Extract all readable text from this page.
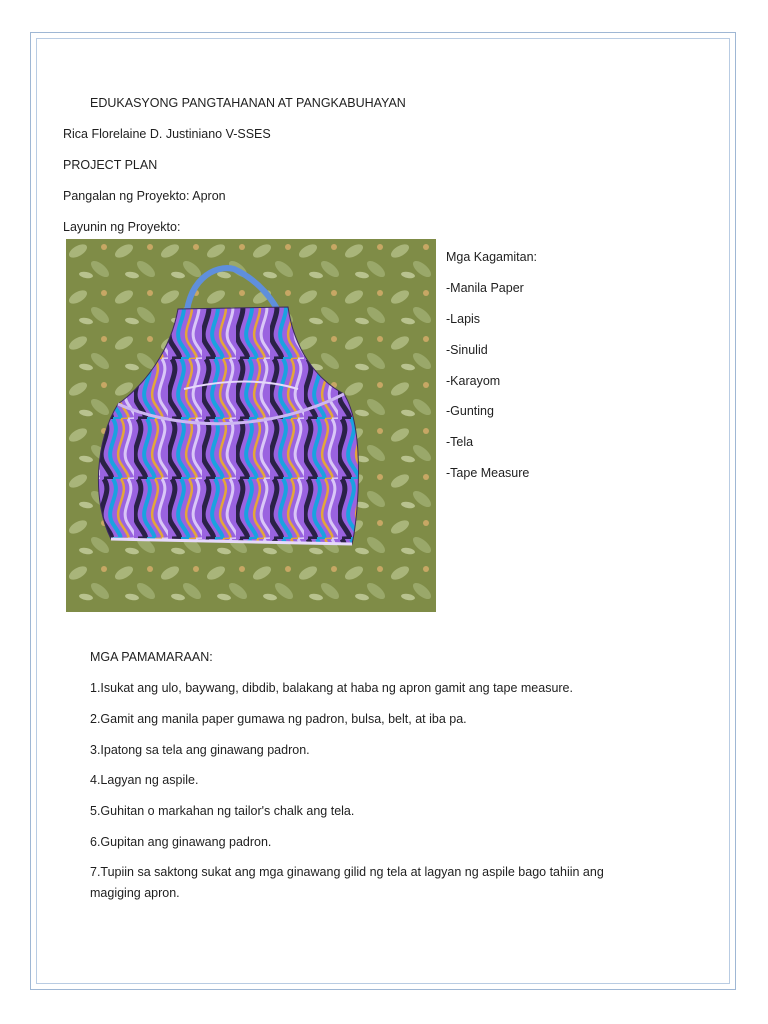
EDUKASYONG PANGTAHANAN AT PANGKABUHAYAN
Rica Florelaine D. Justiniano V-SSES
PROJECT PLAN
Pangalan ng Proyekto: Apron
Layunin ng Proyekto:
Mga Kagamitan:
-Manila Paper
-Lapis
-Sinulid
-Karayom
-Gunting
-Tela
-Tape Measure
MGA PAMAMARAAN:
1.Isukat ang ulo, baywang, dibdib, balakang at haba ng apron gamit ang tape measure.
2.Gamit ang manila paper gumawa ng padron, bulsa, belt, at iba pa.
3.Ipatong sa tela ang ginawang padron.
4.Lagyan ng aspile.
5.Guhitan o markahan ng tailor's chalk ang tela.
6.Gupitan ang ginawang padron.
7.Tupiin sa saktong sukat ang mga ginawang gilid ng tela at lagyan ng aspile bago tahiin ang magiging apron.
